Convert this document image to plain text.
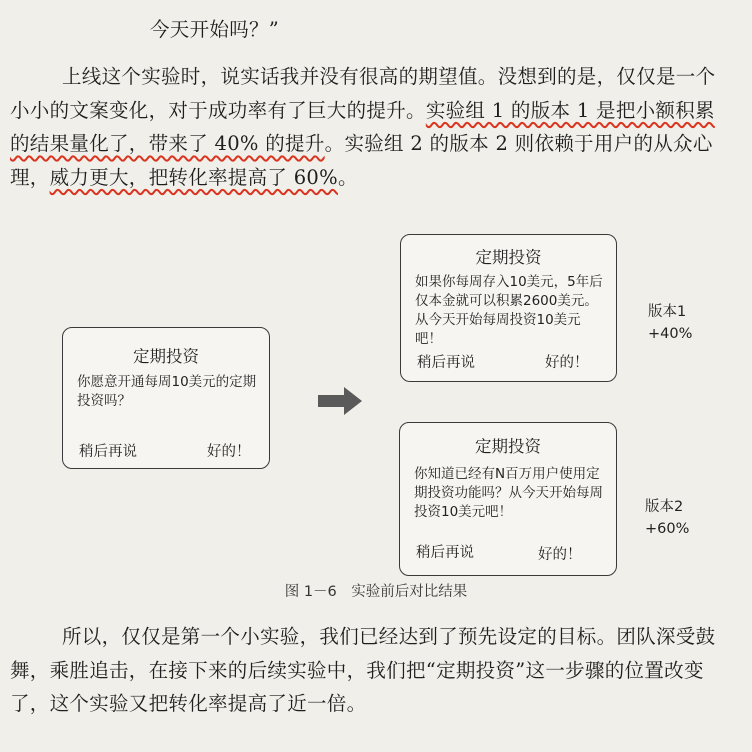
今天开始吗？”

上线这个实验时，说实话我并没有很高的期望值。没想到的是，仅仅是一个小小的文案变化，对于成功率有了巨大的提升。实验组 1 的版本 1 是把小额积累的结果量化了，带来了 40% 的提升。实验组 2 的版本 2 则依赖于用户的从众心理，威力更大，把转化率提高了 60%。

定期投资
你愿意开通每周10美元的定期投资吗？
稍后再说	好的！
定期投资
如果你每周存入10美元，5年后仅本金就可以积累2600美元。从今天开始每周投资10美元吧！
稍后再说	好的！
版本1
+40%
定期投资
你知道已经有N百万用户使用定期投资功能吗？从今天开始每周投资10美元吧！
稍后再说	好的！
版本2
+60%
图 1－6　实验前后对比结果

所以，仅仅是第一个小实验，我们已经达到了预先设定的目标。团队深受鼓舞，乘胜追击，在接下来的后续实验中，我们把“定期投资”这一步骤的位置改变了，这个实验又把转化率提高了近一倍。
